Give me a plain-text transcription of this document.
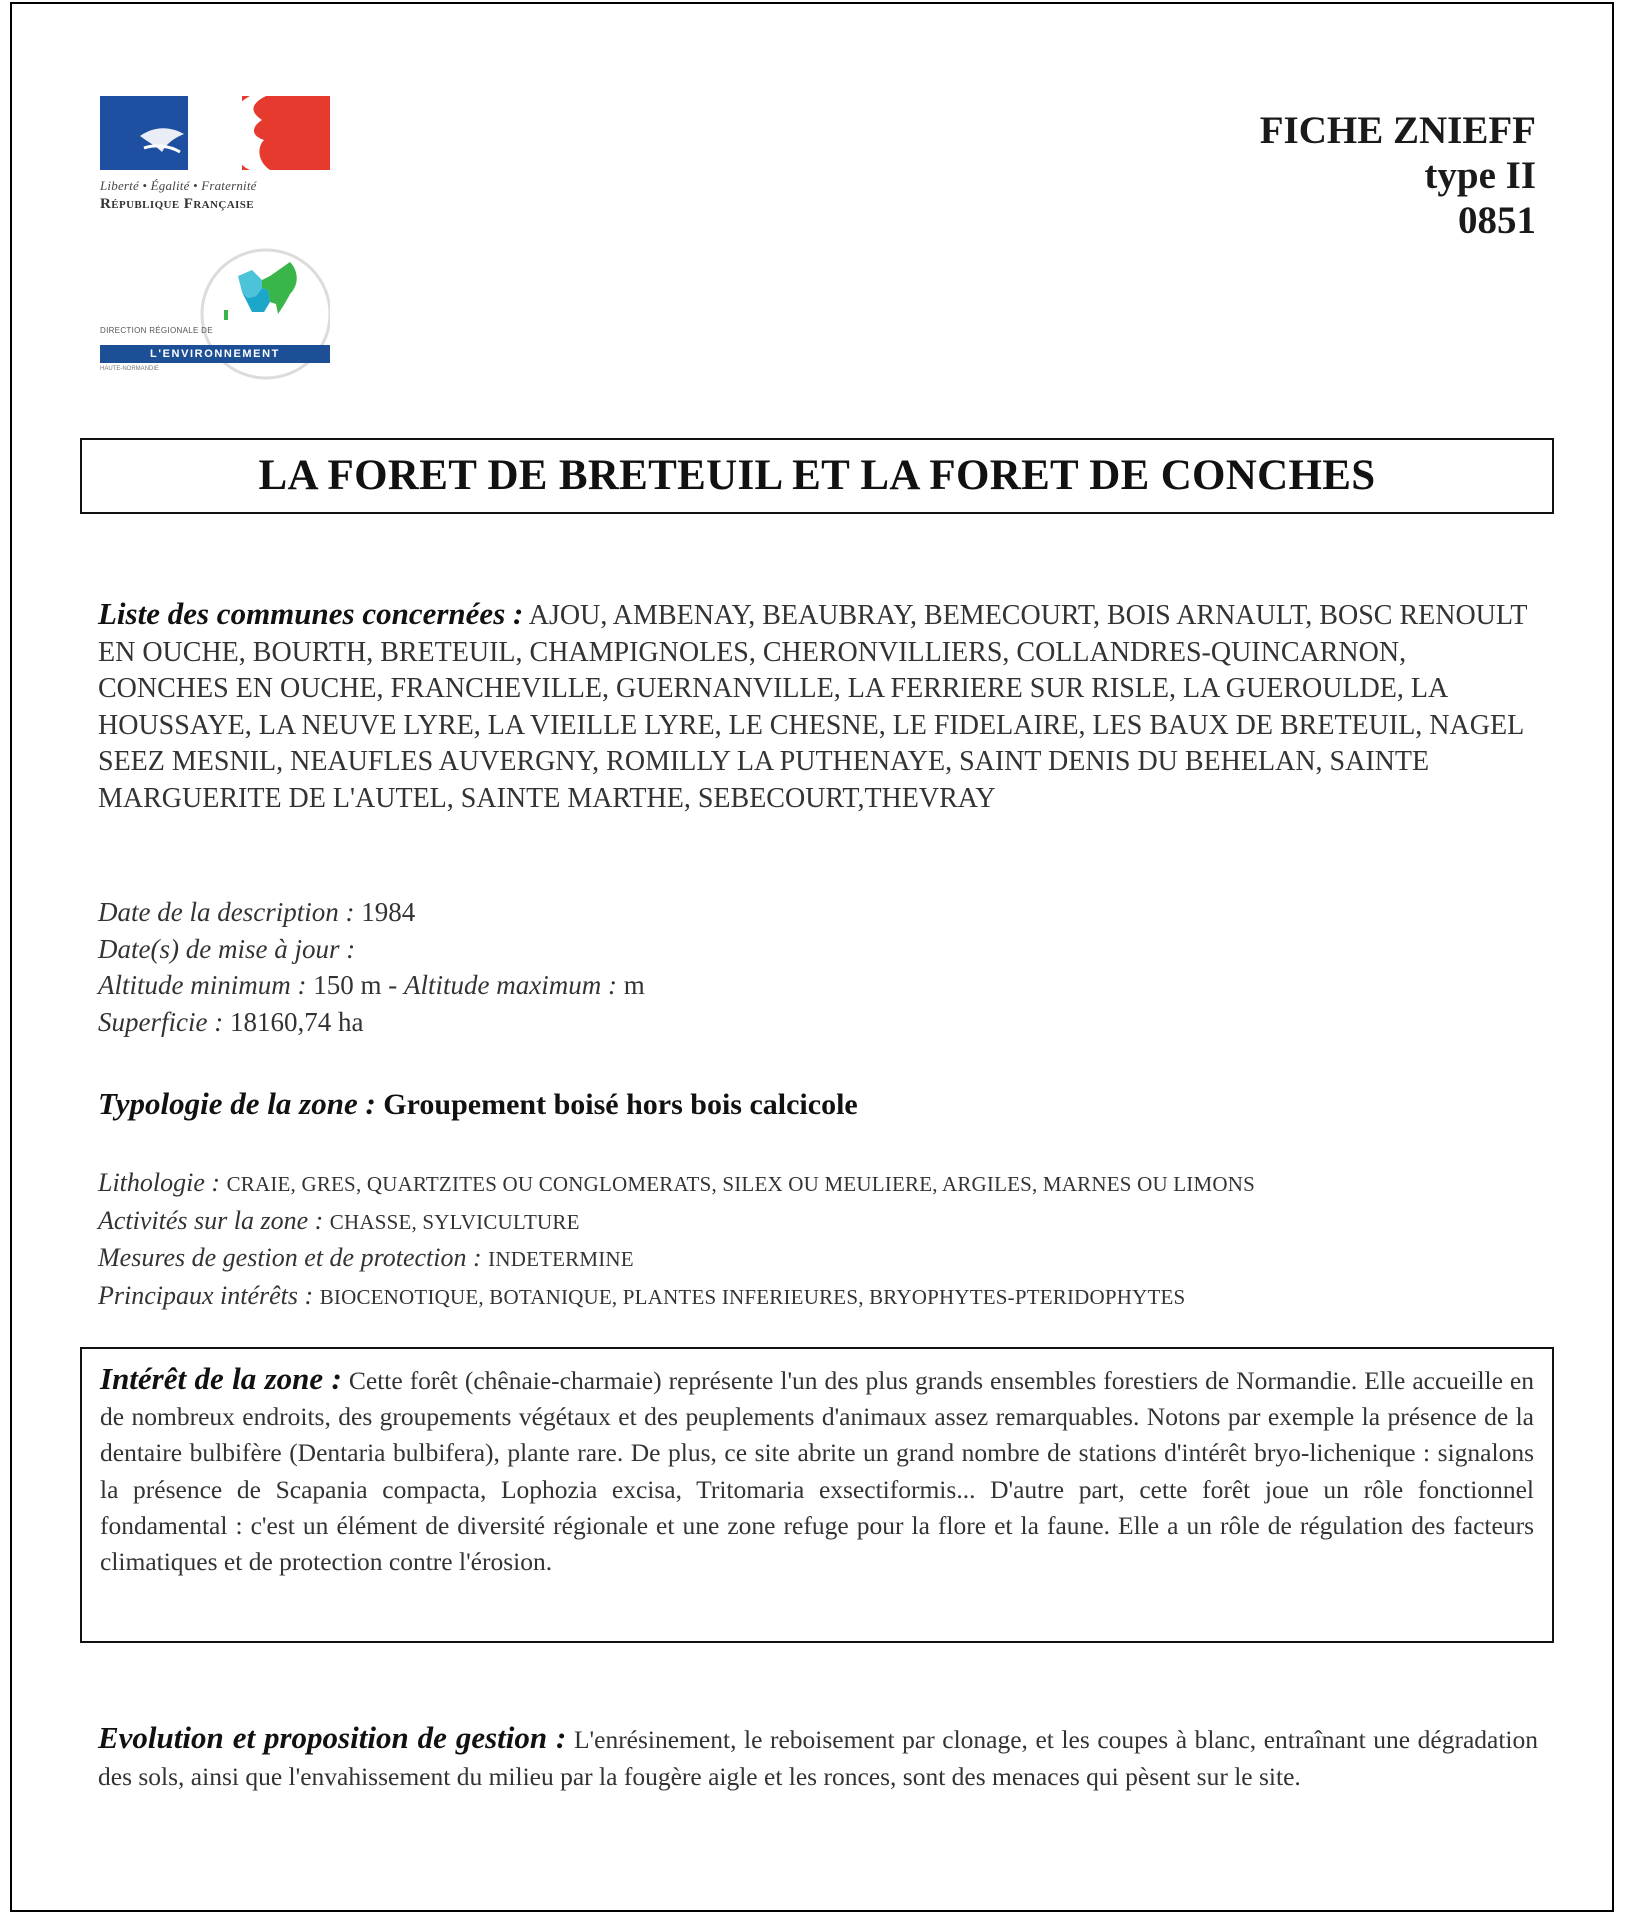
Liberté • Égalité • Fraternité
République Française
DIRECTION RÉGIONALE DE
L'ENVIRONNEMENT
HAUTE-NORMANDIE
FICHE ZNIEFF
type II
0851
LA FORET DE BRETEUIL ET LA FORET DE CONCHES
Liste des communes concernées : AJOU, AMBENAY, BEAUBRAY, BEMECOURT, BOIS ARNAULT, BOSC RENOULT EN OUCHE, BOURTH, BRETEUIL, CHAMPIGNOLES, CHERONVILLIERS, COLLANDRES-QUINCARNON, CONCHES EN OUCHE, FRANCHEVILLE, GUERNANVILLE, LA FERRIERE SUR RISLE, LA GUEROULDE, LA HOUSSAYE, LA NEUVE LYRE, LA VIEILLE LYRE, LE CHESNE, LE FIDELAIRE, LES BAUX DE BRETEUIL, NAGEL SEEZ MESNIL, NEAUFLES AUVERGNY, ROMILLY LA PUTHENAYE, SAINT DENIS DU BEHELAN, SAINTE MARGUERITE DE L'AUTEL, SAINTE MARTHE, SEBECOURT,THEVRAY
Date de la description : 1984
Date(s) de mise à jour :
Altitude minimum : 150 m - Altitude maximum : m
Superficie : 18160,74 ha
Typologie de la zone : Groupement boisé hors bois calcicole
Lithologie : CRAIE, GRES, QUARTZITES OU CONGLOMERATS, SILEX OU MEULIERE, ARGILES, MARNES OU LIMONS
Activités sur la zone : CHASSE, SYLVICULTURE
Mesures de gestion et de protection : INDETERMINE
Principaux intérêts : BIOCENOTIQUE, BOTANIQUE, PLANTES INFERIEURES, BRYOPHYTES-PTERIDOPHYTES
Intérêt de la zone : Cette forêt (chênaie-charmaie) représente l'un des plus grands ensembles forestiers de Normandie. Elle accueille en de nombreux endroits, des groupements végétaux et des peuplements d'animaux assez remarquables. Notons par exemple la présence de la dentaire bulbifère (Dentaria bulbifera), plante rare. De plus, ce site abrite un grand nombre de stations d'intérêt bryo-lichenique : signalons la présence de Scapania compacta, Lophozia excisa, Tritomaria exsectiformis... D'autre part, cette forêt joue un rôle fonctionnel fondamental : c'est un élément de diversité régionale et une zone refuge pour la flore et la faune. Elle a un rôle de régulation des facteurs climatiques et de protection contre l'érosion.
Evolution et proposition de gestion : L'enrésinement, le reboisement par clonage, et les coupes à blanc, entraînant une dégradation des sols, ainsi que l'envahissement du milieu par la fougère aigle et les ronces, sont des menaces qui pèsent sur le site.
